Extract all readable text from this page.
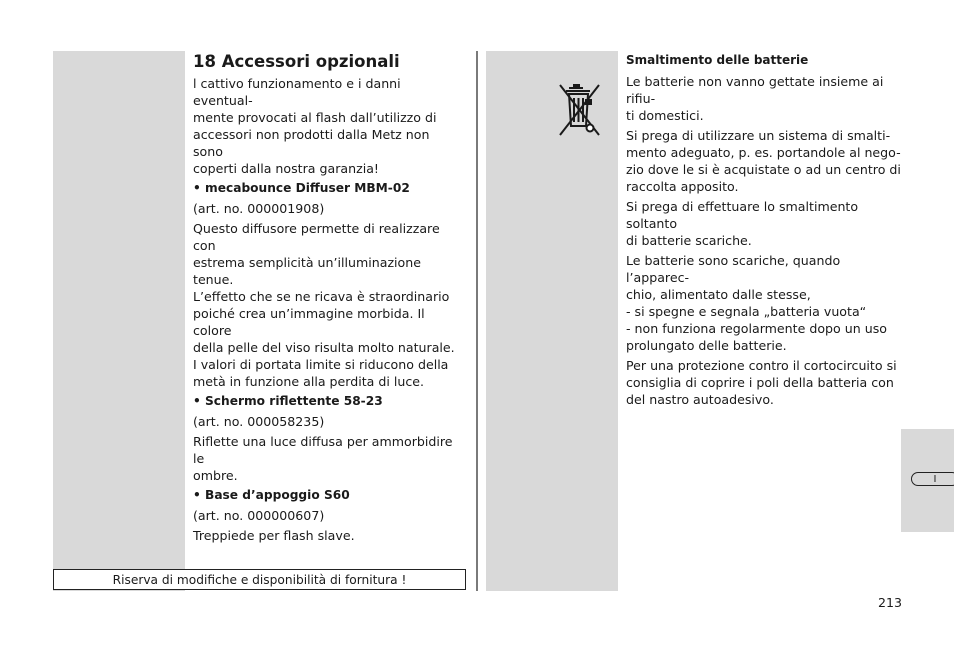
I
18 Accessori opzionali

l cattivo funzionamento e i danni eventual-
mente provocati al flash dall’utilizzo di
accessori non prodotti dalla Metz non sono
coperti dalla nostra garanzia!

• mecabounce Diffuser MBM-02

(art. no. 000001908)

Questo diffusore permette di realizzare con
estrema semplicità un’illuminazione tenue.
L’effetto che se ne ricava è straordinario
poiché crea un’immagine morbida. Il colore
della pelle del viso risulta molto naturale.
I valori di portata limite si riducono della
metà in funzione alla perdita di luce.

• Schermo riflettente 58-23

(art. no. 000058235)

Riflette una luce diffusa per ammorbidire le
ombre.

• Base d’appoggio S60

(art. no. 000000607)

Treppiede per flash slave.

Riserva di modifiche e disponibilità di fornitura !

Smaltimento delle batterie

Le batterie non vanno gettate insieme ai rifiu-
ti domestici.

Si prega di utilizzare un sistema di smalti-
mento adeguato, p. es. portandole al nego-
zio dove le si è acquistate o ad un centro di
raccolta apposito.

Si prega di effettuare lo smaltimento soltanto
di batterie scariche.

Le batterie sono scariche, quando l’apparec-
chio, alimentato dalle stesse,
- si spegne e segnala „batteria vuota“
- non funziona regolarmente dopo un uso
prolungato delle batterie.

Per una protezione contro il cortocircuito si
consiglia di coprire i poli della batteria con
del nastro autoadesivo.

213
